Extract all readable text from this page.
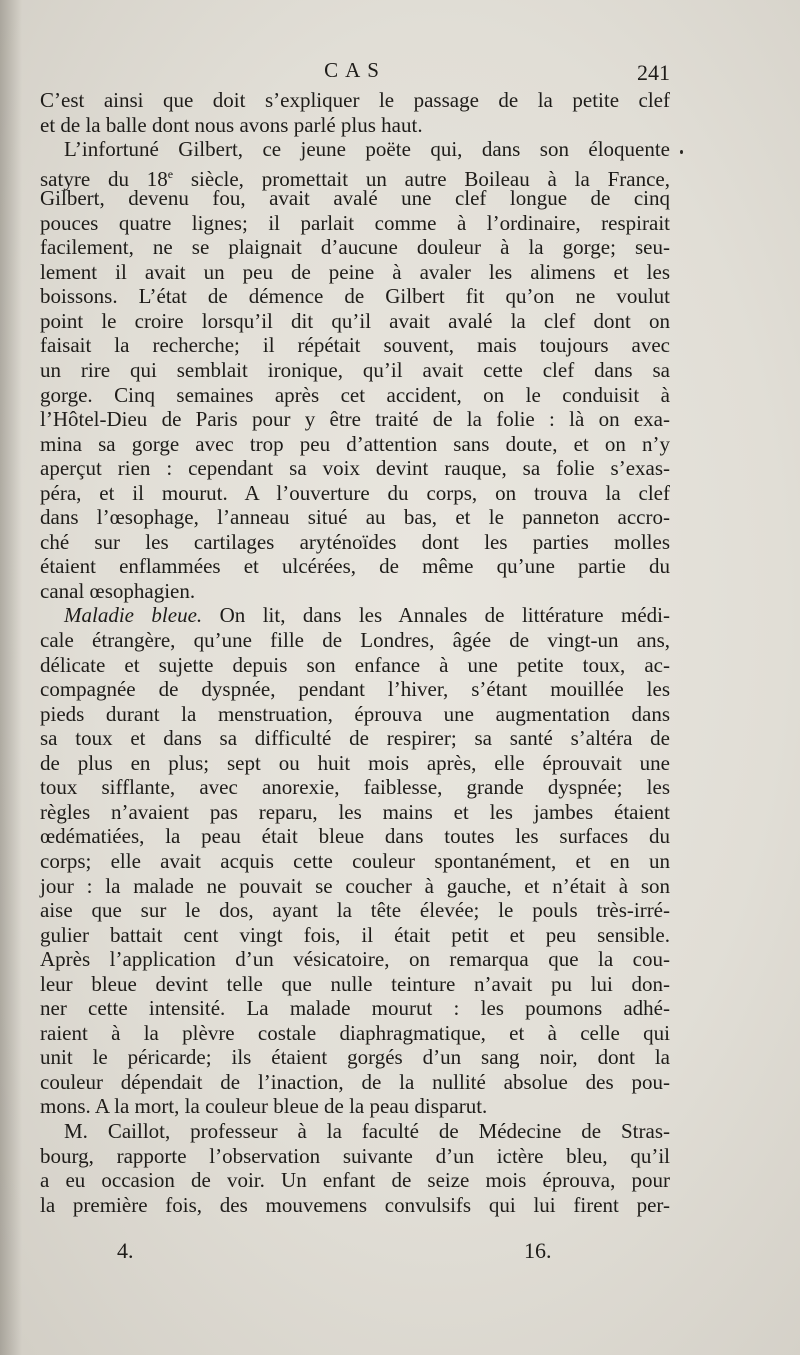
CAS	241
C’est ainsi que doit s’expliquer le passage de la petite clef
et de la balle dont nous avons parlé plus haut.
L’infortuné Gilbert, ce jeune poëte qui, dans son éloquente
satyre du 18e siècle, promettait un autre Boileau à la France,
Gilbert, devenu fou, avait avalé une clef longue de cinq
pouces quatre lignes; il parlait comme à l’ordinaire, respirait
facilement, ne se plaignait d’aucune douleur à la gorge; seu-
lement il avait un peu de peine à avaler les alimens et les
boissons. L’état de démence de Gilbert fit qu’on ne voulut
point le croire lorsqu’il dit qu’il avait avalé la clef dont on
faisait la recherche; il répétait souvent, mais toujours avec
un rire qui semblait ironique, qu’il avait cette clef dans sa
gorge. Cinq semaines après cet accident, on le conduisit à
l’Hôtel-Dieu de Paris pour y être traité de la folie : là on exa-
mina sa gorge avec trop peu d’attention sans doute, et on n’y
aperçut rien : cependant sa voix devint rauque, sa folie s’exas-
péra, et il mourut. A l’ouverture du corps, on trouva la clef
dans l’œsophage, l’anneau situé au bas, et le panneton accro-
ché sur les cartilages aryténoïdes dont les parties molles
étaient enflammées et ulcérées, de même qu’une partie du
canal œsophagien.
Maladie bleue. On lit, dans les Annales de littérature médi-
cale étrangère, qu’une fille de Londres, âgée de vingt-un ans,
délicate et sujette depuis son enfance à une petite toux, ac-
compagnée de dyspnée, pendant l’hiver, s’étant mouillée les
pieds durant la menstruation, éprouva une augmentation dans
sa toux et dans sa difficulté de respirer; sa santé s’altéra de
de plus en plus; sept ou huit mois après, elle éprouvait une
toux sifflante, avec anorexie, faiblesse, grande dyspnée; les
règles n’avaient pas reparu, les mains et les jambes étaient
œdématiées, la peau était bleue dans toutes les surfaces du
corps; elle avait acquis cette couleur spontanément, et en un
jour : la malade ne pouvait se coucher à gauche, et n’était à son
aise que sur le dos, ayant la tête élevée; le pouls très-irré-
gulier battait cent vingt fois, il était petit et peu sensible.
Après l’application d’un vésicatoire, on remarqua que la cou-
leur bleue devint telle que nulle teinture n’avait pu lui don-
ner cette intensité. La malade mourut : les poumons adhé-
raient à la plèvre costale diaphragmatique, et à celle qui
unit le péricarde; ils étaient gorgés d’un sang noir, dont la
couleur dépendait de l’inaction, de la nullité absolue des pou-
mons. A la mort, la couleur bleue de la peau disparut.
M. Caillot, professeur à la faculté de Médecine de Stras-
bourg, rapporte l’observation suivante d’un ictère bleu, qu’il
a eu occasion de voir. Un enfant de seize mois éprouva, pour
la première fois, des mouvemens convulsifs qui lui firent per-
4.	16.
